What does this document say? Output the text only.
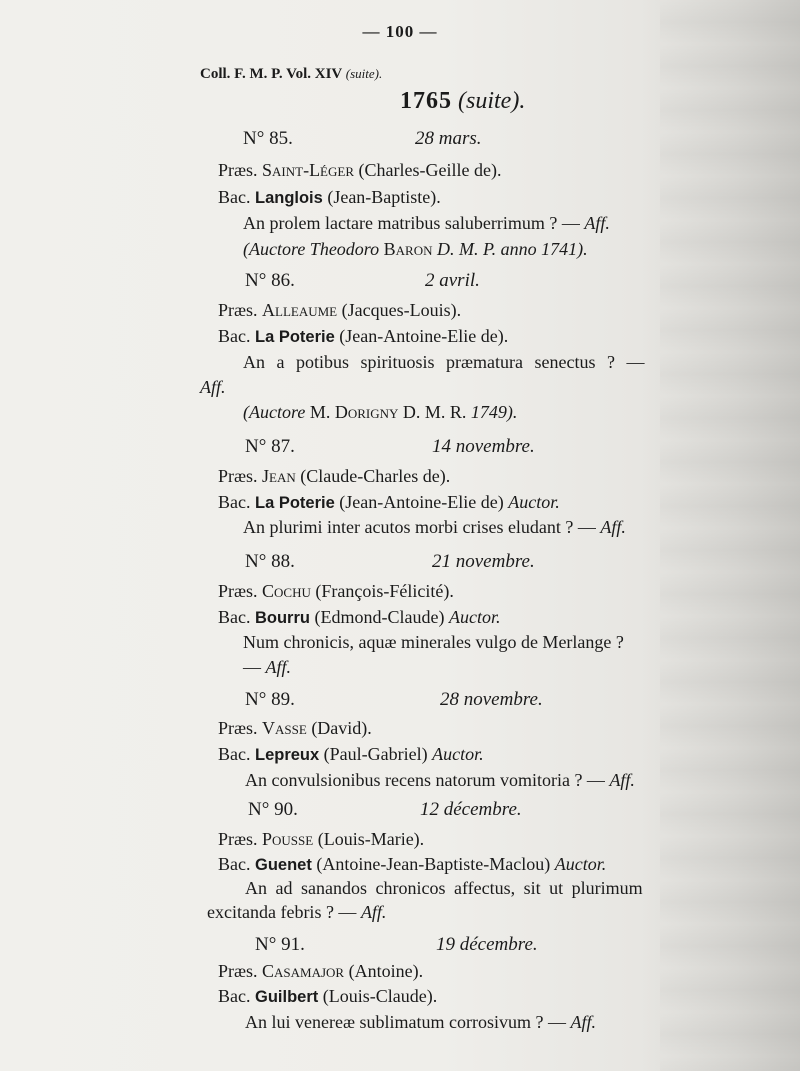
— 100 —
Coll. F. M. P. Vol. XIV (suite).
1765 (suite).
N° 85.	28 mars.
Præs. Saint-Léger (Charles-Geille de).
Bac. Langlois (Jean-Baptiste).
An prolem lactare matribus saluberrimum ? — Aff.
(Auctore Theodoro Baron D. M. P. anno 1741).
N° 86.	2 avril.
Præs. Alleaume (Jacques-Louis).
Bac. La Poterie (Jean-Antoine-Elie de).
An a potibus spirituosis præmatura senectus ? —
Aff.
(Auctore M. Dorigny D. M. R. 1749).
N° 87.	14 novembre.
Præs. Jean (Claude-Charles de).
Bac. La Poterie (Jean-Antoine-Elie de) Auctor.
An plurimi inter acutos morbi crises eludant ? — Aff.
N° 88.	21 novembre.
Præs. Cochu (François-Félicité).
Bac. Bourru (Edmond-Claude) Auctor.
Num chronicis, aquæ minerales vulgo de Merlange ?
— Aff.
N° 89.	28 novembre.
Præs. Vasse (David).
Bac. Lepreux (Paul-Gabriel) Auctor.
An convulsionibus recens natorum vomitoria ? — Aff.
N° 90.	12 décembre.
Præs. Pousse (Louis-Marie).
Bac. Guenet (Antoine-Jean-Baptiste-Maclou) Auctor.
An ad sanandos chronicos affectus, sit ut plurimum
excitanda febris ? — Aff.
N° 91.	19 décembre.
Præs. Casamajor (Antoine).
Bac. Guilbert (Louis-Claude).
An lui venereæ sublimatum corrosivum ? — Aff.
